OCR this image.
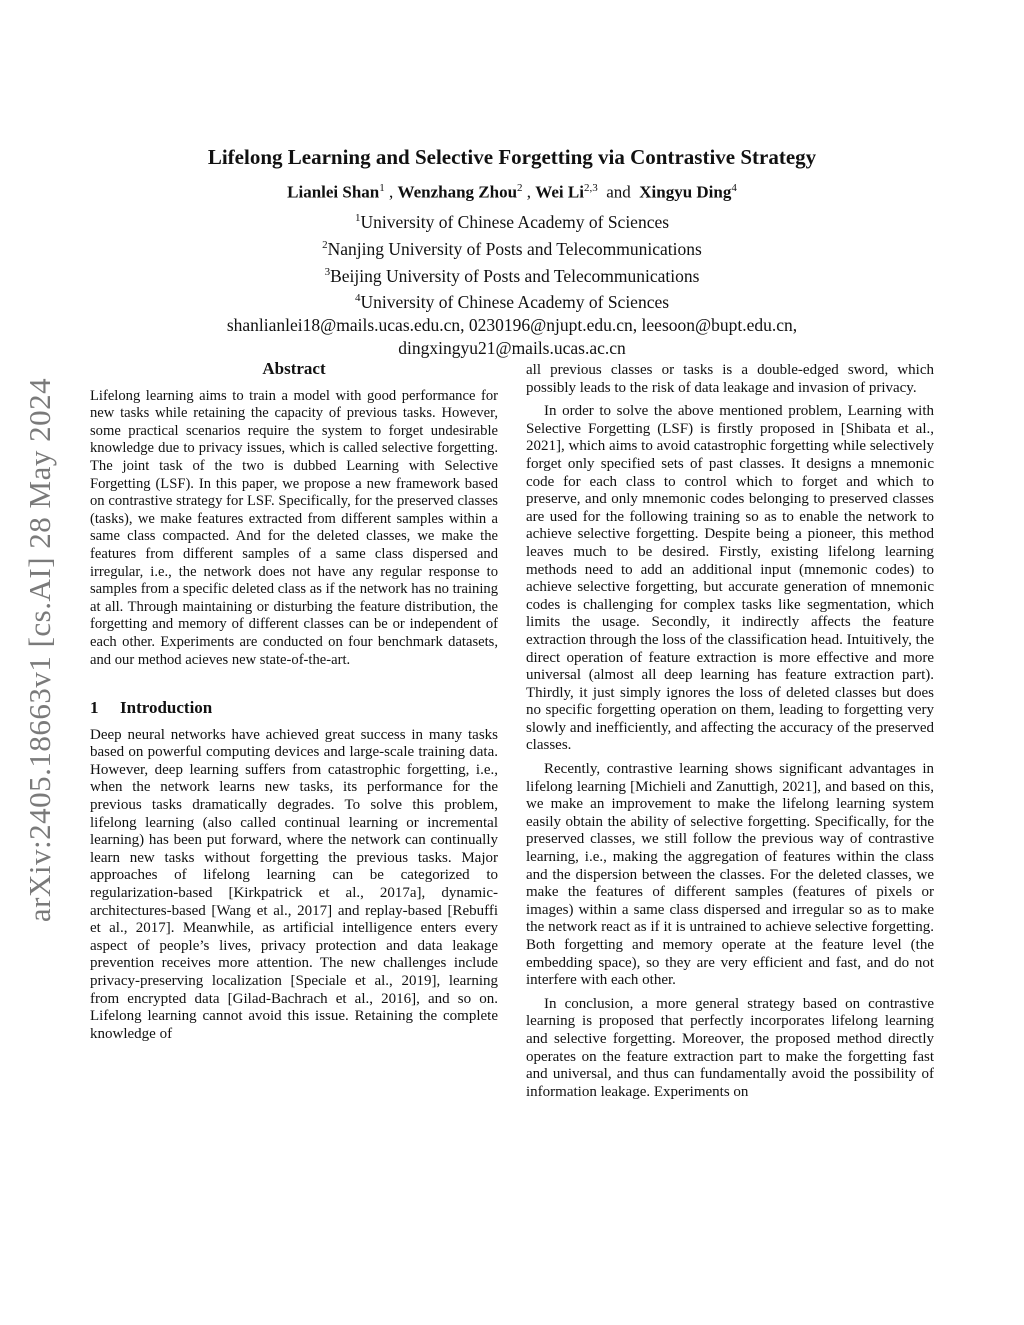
arXiv:2405.18663v1 [cs.AI] 28 May 2024
Lifelong Learning and Selective Forgetting via Contrastive Strategy
Lianlei Shan$^1$ , Wenzhang Zhou$^2$ , Wei Li$^{2,3}$ and Xingyu Ding$^4$
$^1$University of Chinese Academy of Sciences
$^2$Nanjing University of Posts and Telecommunications
$^3$Beijing University of Posts and Telecommunications
$^4$University of Chinese Academy of Sciences
shanlianlei18@mails.ucas.edu.cn, 0230196@njupt.edu.cn, leesoon@bupt.edu.cn,
dingxingyu21@mails.ucas.ac.cn
Abstract

Lifelong learning aims to train a model with good performance for new tasks while retaining the capacity of previous tasks. However, some practical scenarios require the system to forget undesirable knowledge due to privacy issues, which is called selective forgetting. The joint task of the two is dubbed Learning with Selective Forgetting (LSF). In this paper, we propose a new framework based on contrastive strategy for LSF. Specifically, for the preserved classes (tasks), we make features extracted from different samples within a same class compacted. And for the deleted classes, we make the features from different samples of a same class dispersed and irregular, i.e., the network does not have any regular response to samples from a specific deleted class as if the network has no training at all. Through maintaining or disturbing the feature distribution, the forgetting and memory of different classes can be or independent of each other. Experiments are conducted on four benchmark datasets, and our method acieves new state-of-the-art.

1 Introduction

Deep neural networks have achieved great success in many tasks based on powerful computing devices and large-scale training data. However, deep learning suffers from catastrophic forgetting, i.e., when the network learns new tasks, its performance for the previous tasks dramatically degrades. To solve this problem, lifelong learning (also called continual learning or incremental learning) has been put forward, where the network can continually learn new tasks without forgetting the previous tasks. Major approaches of lifelong learning can be categorized to regularization-based [Kirkpatrick et al., 2017a], dynamic-architectures-based [Wang et al., 2017] and replay-based [Rebuffi et al., 2017]. Meanwhile, as artificial intelligence enters every aspect of people’s lives, privacy protection and data leakage prevention receives more attention. The new challenges include privacy-preserving localization [Speciale et al., 2019], learning from encrypted data [Gilad-Bachrach et al., 2016], and so on. Lifelong learning cannot avoid this issue. Retaining the complete knowledge of

all previous classes or tasks is a double-edged sword, which possibly leads to the risk of data leakage and invasion of privacy.

In order to solve the above mentioned problem, Learning with Selective Forgetting (LSF) is firstly proposed in [Shibata et al., 2021], which aims to avoid catastrophic forgetting while selectively forget only specified sets of past classes. It designs a mnemonic code for each class to control which to forget and which to preserve, and only mnemonic codes belonging to preserved classes are used for the following training so as to enable the network to achieve selective forgetting. Despite being a pioneer, this method leaves much to be desired. Firstly, existing lifelong learning methods need to add an additional input (mnemonic codes) to achieve selective forgetting, but accurate generation of mnemonic codes is challenging for complex tasks like segmentation, which limits the usage. Secondly, it indirectly affects the feature extraction through the loss of the classification head. Intuitively, the direct operation of feature extraction is more effective and more universal (almost all deep learning has feature extraction part). Thirdly, it just simply ignores the loss of deleted classes but does no specific forgetting operation on them, leading to forgetting very slowly and inefficiently, and affecting the accuracy of the preserved classes.

Recently, contrastive learning shows significant advantages in lifelong learning [Michieli and Zanuttigh, 2021], and based on this, we make an improvement to make the lifelong learning system easily obtain the ability of selective forgetting. Specifically, for the preserved classes, we still follow the previous way of contrastive learning, i.e., making the aggregation of features within the class and the dispersion between the classes. For the deleted classes, we make the features of different samples (features of pixels or images) within a same class dispersed and irregular so as to make the network react as if it is untrained to achieve selective forgetting. Both forgetting and memory operate at the feature level (the embedding space), so they are very efficient and fast, and do not interfere with each other.

In conclusion, a more general strategy based on contrastive learning is proposed that perfectly incorporates lifelong learning and selective forgetting. Moreover, the proposed method directly operates on the feature extraction part to make the forgetting fast and universal, and thus can fundamentally avoid the possibility of information leakage. Experiments on
